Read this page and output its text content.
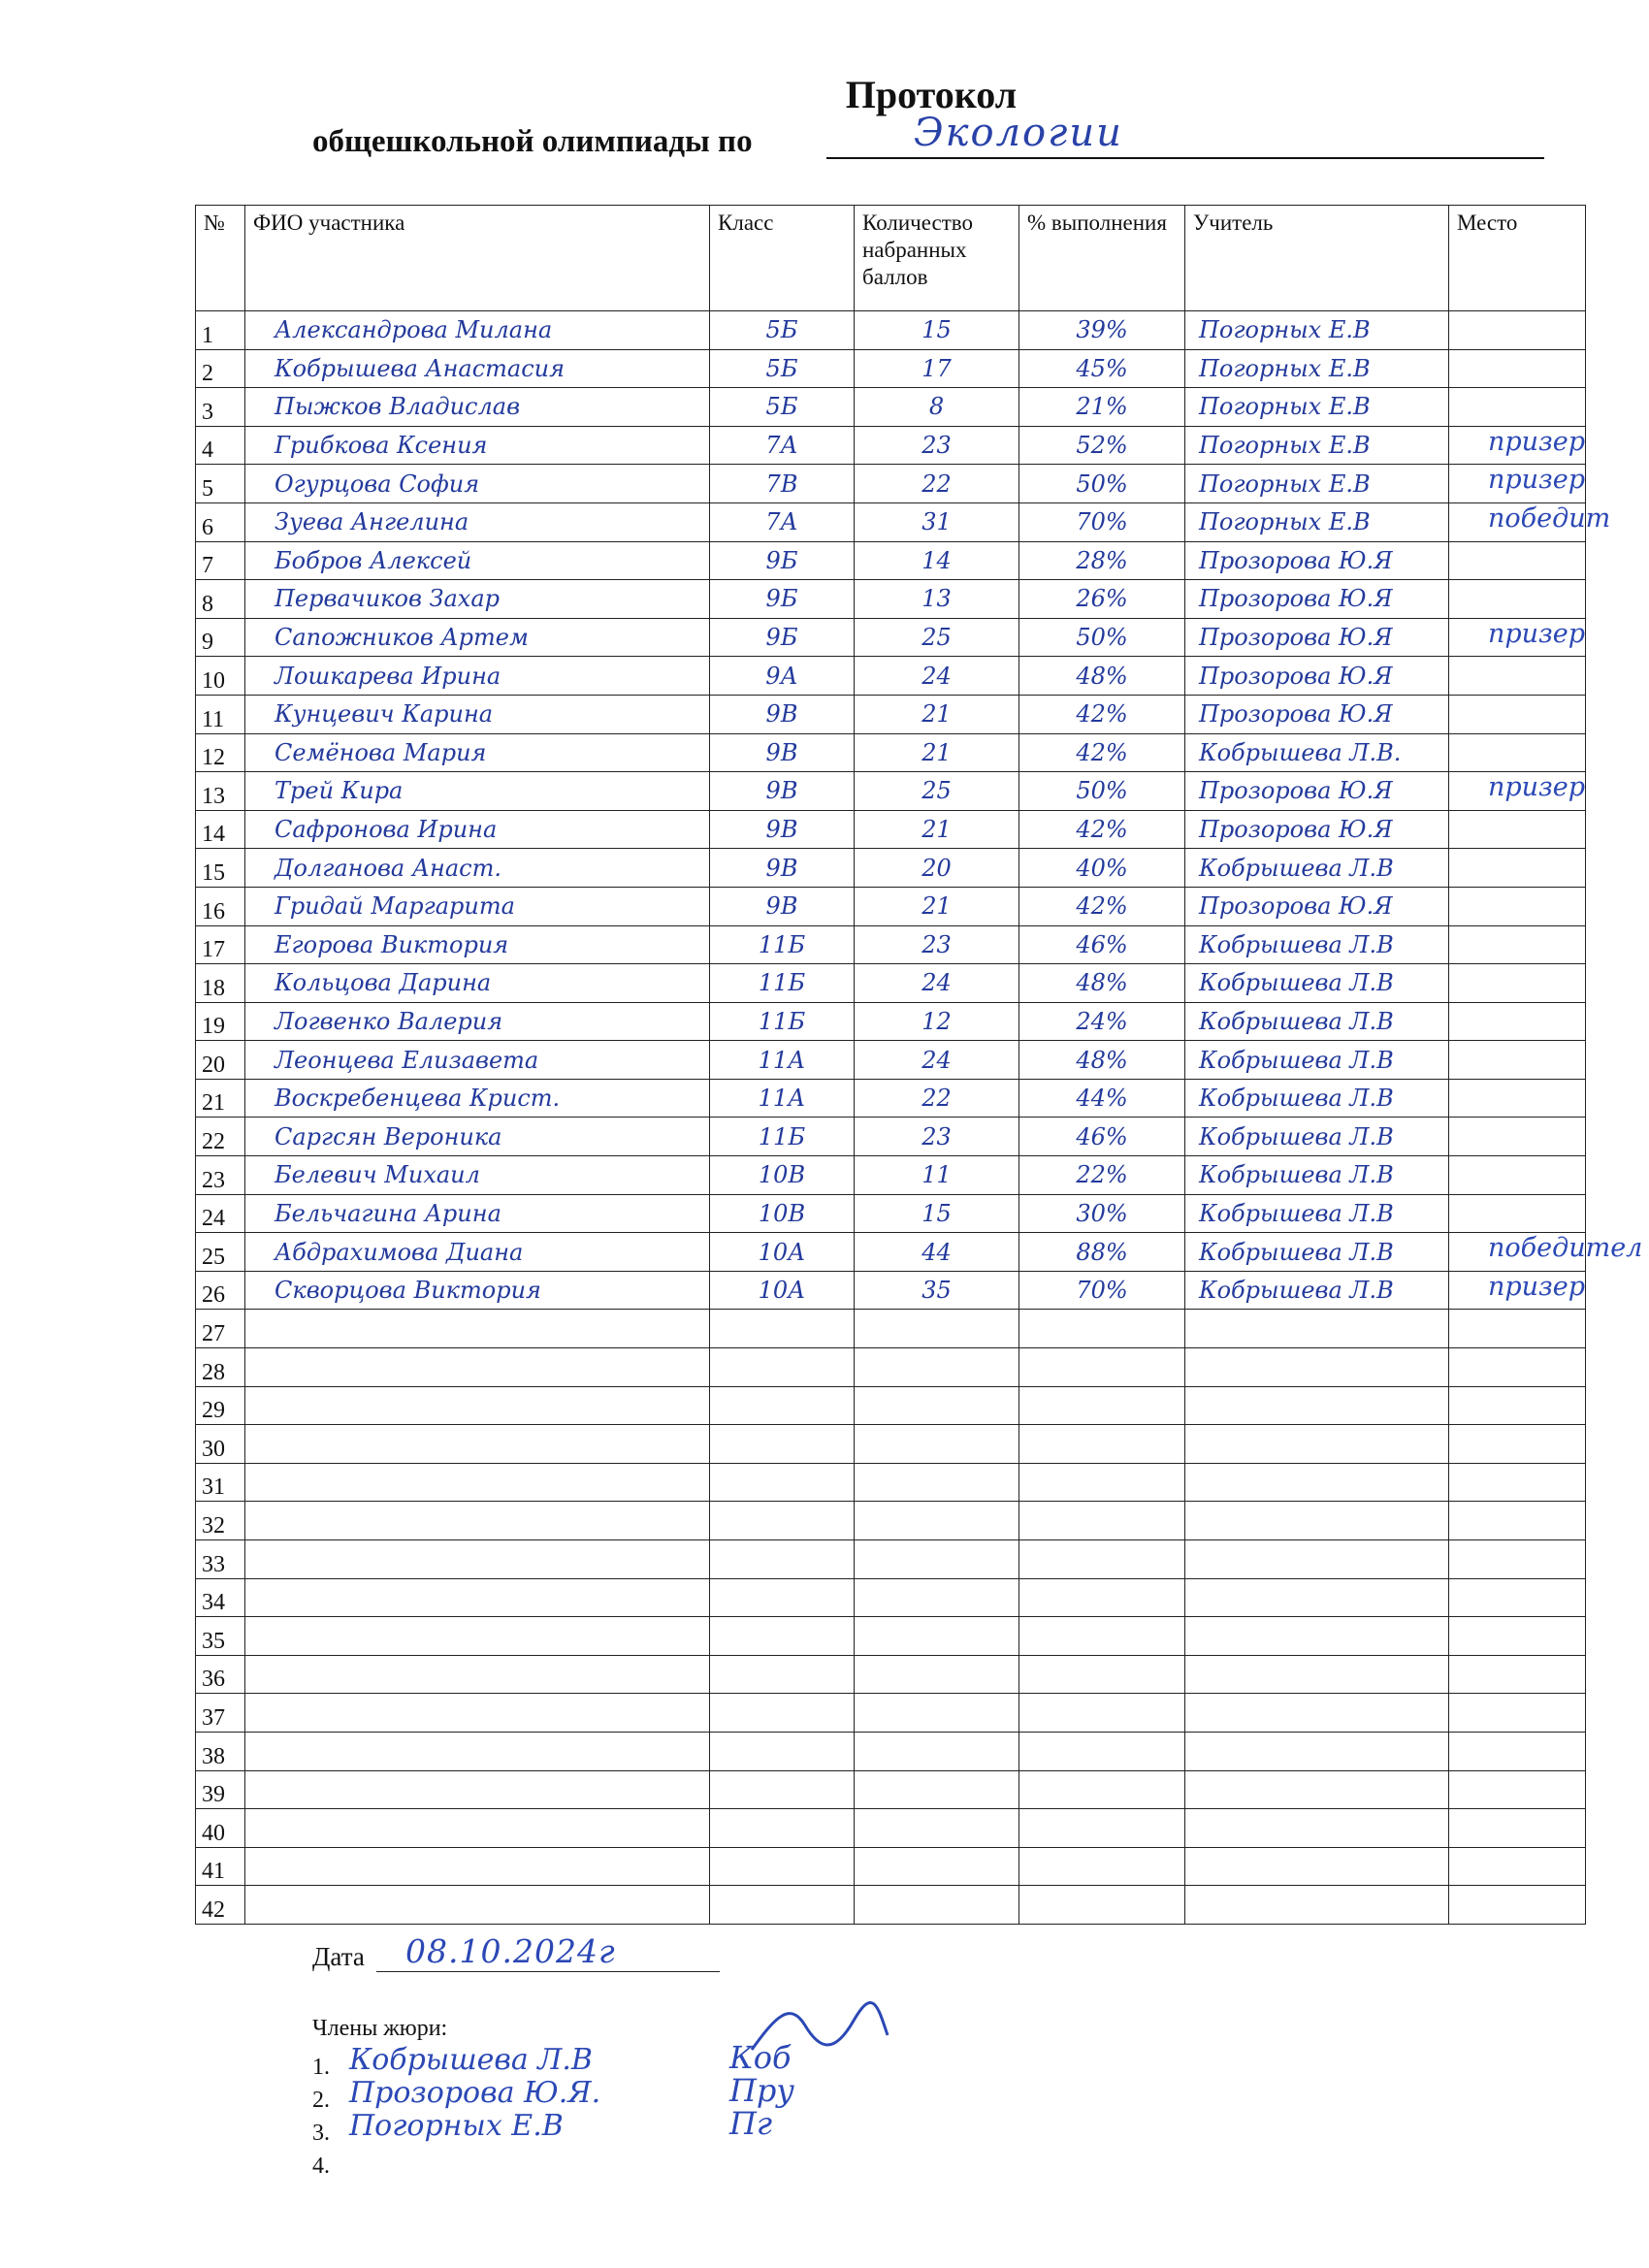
Протокол
общешкольной олимпиады по	Экологии
№	ФИО участника	Класс	Количество набранных баллов	% выполнения	Учитель	Место
1	Александрова Милана	5Б	15	39%	Погорных Е.В	

2	Кобрышева Анастасия	5Б	17	45%	Погорных Е.В	

3	Пыжков Владислав	5Б	8	21%	Погорных Е.В	

4	Грибкова Ксения	7А	23	52%	Погорных Е.В	призер

5	Огурцова София	7В	22	50%	Погорных Е.В	призер

6	Зуева Ангелина	7А	31	70%	Погорных Е.В	победит

7	Бобров Алексей	9Б	14	28%	Прозорова Ю.Я	

8	Первачиков Захар	9Б	13	26%	Прозорова Ю.Я	

9	Сапожников Артем	9Б	25	50%	Прозорова Ю.Я	призер

10	Лошкарева Ирина	9А	24	48%	Прозорова Ю.Я	

11	Кунцевич Карина	9В	21	42%	Прозорова Ю.Я	

12	Семёнова Мария	9В	21	42%	Кобрышева Л.В.	

13	Трей Кира	9В	25	50%	Прозорова Ю.Я	призер

14	Сафронова Ирина	9В	21	42%	Прозорова Ю.Я	

15	Долганова Анаст.	9В	20	40%	Кобрышева Л.В	

16	Гридай Маргарита	9В	21	42%	Прозорова Ю.Я	

17	Егорова Виктория	11Б	23	46%	Кобрышева Л.В	

18	Кольцова Дарина	11Б	24	48%	Кобрышева Л.В	

19	Логвенко Валерия	11Б	12	24%	Кобрышева Л.В	

20	Леонцева Елизавета	11А	24	48%	Кобрышева Л.В	

21	Воскребенцева Крист.	11А	22	44%	Кобрышева Л.В	

22	Саргсян Вероника	11Б	23	46%	Кобрышева Л.В	

23	Белевич Михаил	10В	11	22%	Кобрышева Л.В	

24	Бельчагина Арина	10В	15	30%	Кобрышева Л.В	

25	Абдрахимова Диана	10А	44	88%	Кобрышева Л.В	победител

26	Скворцова Виктория	10А	35	70%	Кобрышева Л.В	призер

27						

28						

29						

30						

31						

32						

33						

34						

35						

36						

37						

38						

39						

40						

41						

42						
Дата 08.10.2024г
Члены жюри:
1. Кобрышева Л.В	Коб
2. Прозорова Ю.Я.	Пру
3. Погорных Е.В	Пг
4.
